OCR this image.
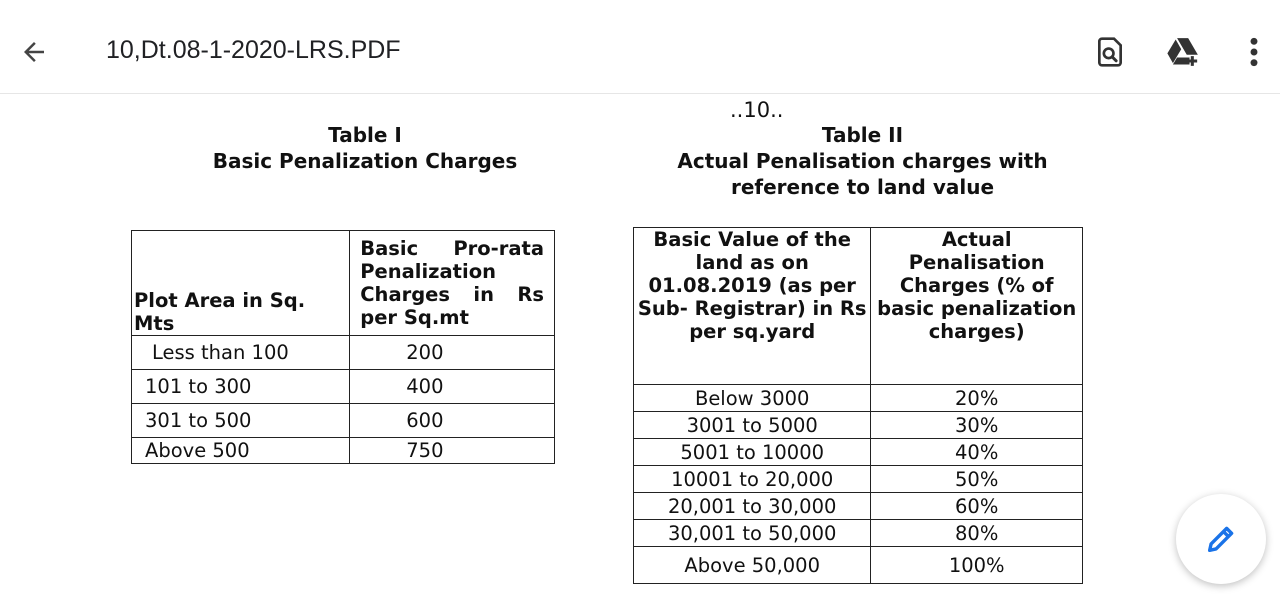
10,Dt.08-1-2020-LRS.PDF
..10..
Table I
Basic Penalization Charges
Table II
Actual Penalisation charges with reference to land value
Plot Area in Sq. Mts	Basic Pro-rata Penalization Charges in Rs per Sq.mt
Less than 100	200
101 to 300	400
301 to 500	600
Above 500	750
Basic Value of the land as on 01.08.2019 (as per Sub- Registrar) in Rs per sq.yard	Actual Penalisation Charges (% of basic penalization charges)
Below 3000	20%
3001 to 5000	30%
5001 to 10000	40%
10001 to 20,000	50%
20,001 to 30,000	60%
30,001 to 50,000	80%
Above 50,000	100%
